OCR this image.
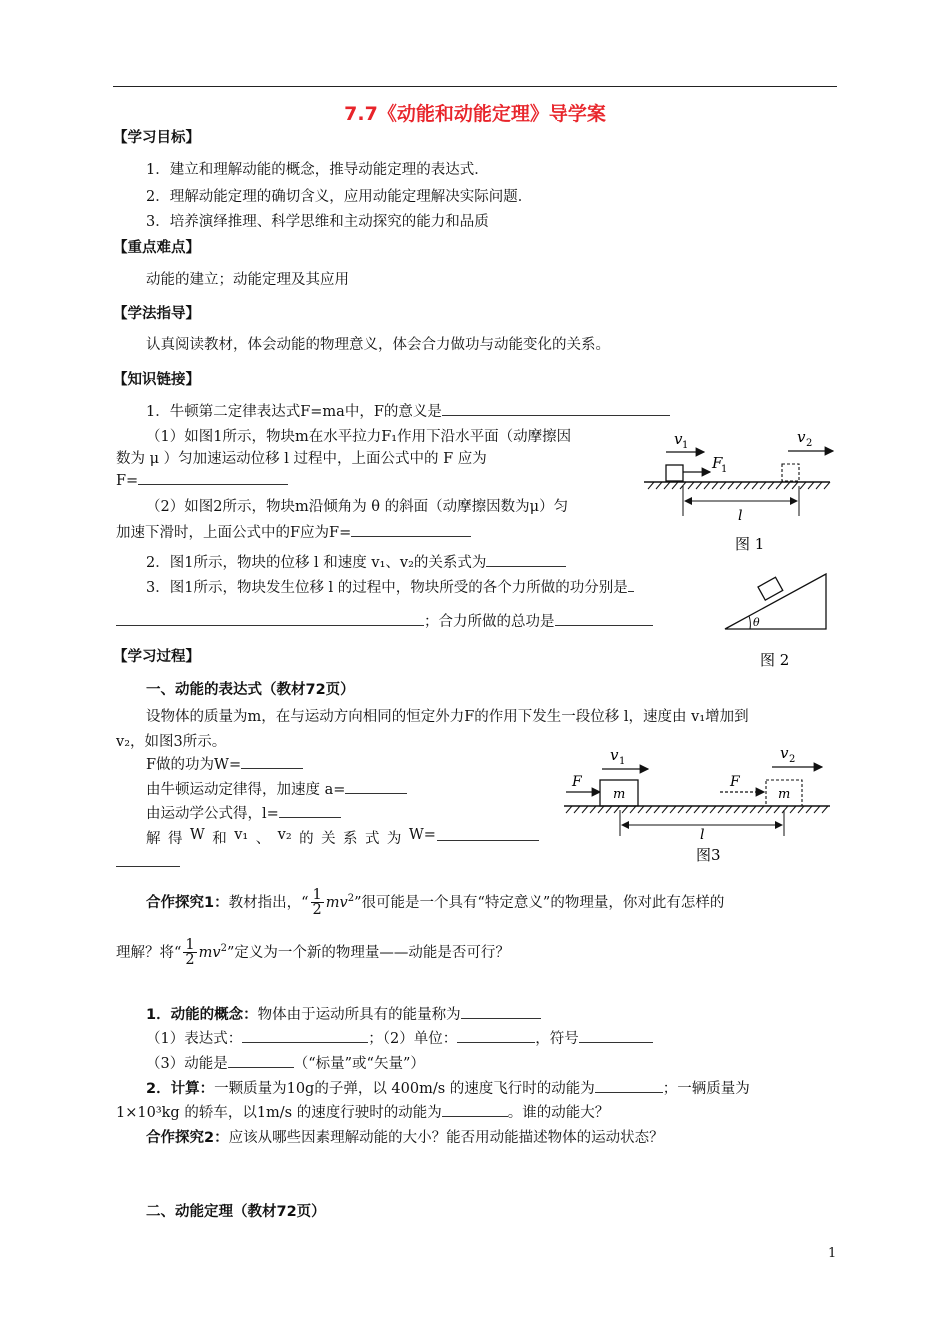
7.7《动能和动能定理》导学案
【学习目标】
1．建立和理解动能的概念，推导动能定理的表达式．
2．理解动能定理的确切含义，应用动能定理解决实际问题．
3．培养演绎推理、科学思维和主动探究的能力和品质
【重点难点】
动能的建立；动能定理及其应用
【学法指导】
认真阅读教材，体会动能的物理意义，体会合力做功与动能变化的关系。
【知识链接】
1．牛顿第二定律表达式F=ma中，F的意义是
（1）如图1所示，物块m在水平拉力F₁作用下沿水平面（动摩擦因
数为 μ ）匀加速运动位移 l 过程中，上面公式中的 F 应为
F=
（2）如图2所示，物块m沿倾角为 θ 的斜面（动摩擦因数为μ）匀
加速下滑时，上面公式中的F应为F=
2．图1所示，物块的位移 l 和速度 v₁、v₂的关系式为
3．图1所示，物块发生位移 l 的过程中，物块所受的各个力所做的功分别是
；合力所做的总功是
v 1	v 2
F
1
l
图 1
θ
图 2
【学习过程】
一、动能的表达式（教材72页）
设物体的质量为m，在与运动方向相同的恒定外力F的作用下发生一段位移 l，速度由 v₁增加到
v₂，如图3所示。
F做的功为W=
由牛顿运动定律得，加速度 a=
由运动学公式得，l=
解 得 W 和 v₁ 、 v₂ 的 关 系 式 为 W=
v 1	v 2
F
m
F
m
l
图3
合作探究1：教材指出，“ $\frac{1}{2} mv^2$”很可能是一个具有“特定意义”的物理量，你对此有怎样的
理解？将“ $\frac{1}{2} mv^2$”定义为一个新的物理量——动能是否可行？
1．动能的概念：物体由于运动所具有的能量称为
（1）表达式：	；（2）单位：	，符号
（3）动能是	（“标量”或“矢量”）
2．计算：一颗质量为10g的子弹，以 400m/s 的速度飞行时的动能为	；一辆质量为
1×10³kg 的轿车，以1m/s 的速度行驶时的动能为	。谁的动能大？
合作探究2：应该从哪些因素理解动能的大小？能否用动能描述物体的运动状态？
二、动能定理（教材72页）
1
